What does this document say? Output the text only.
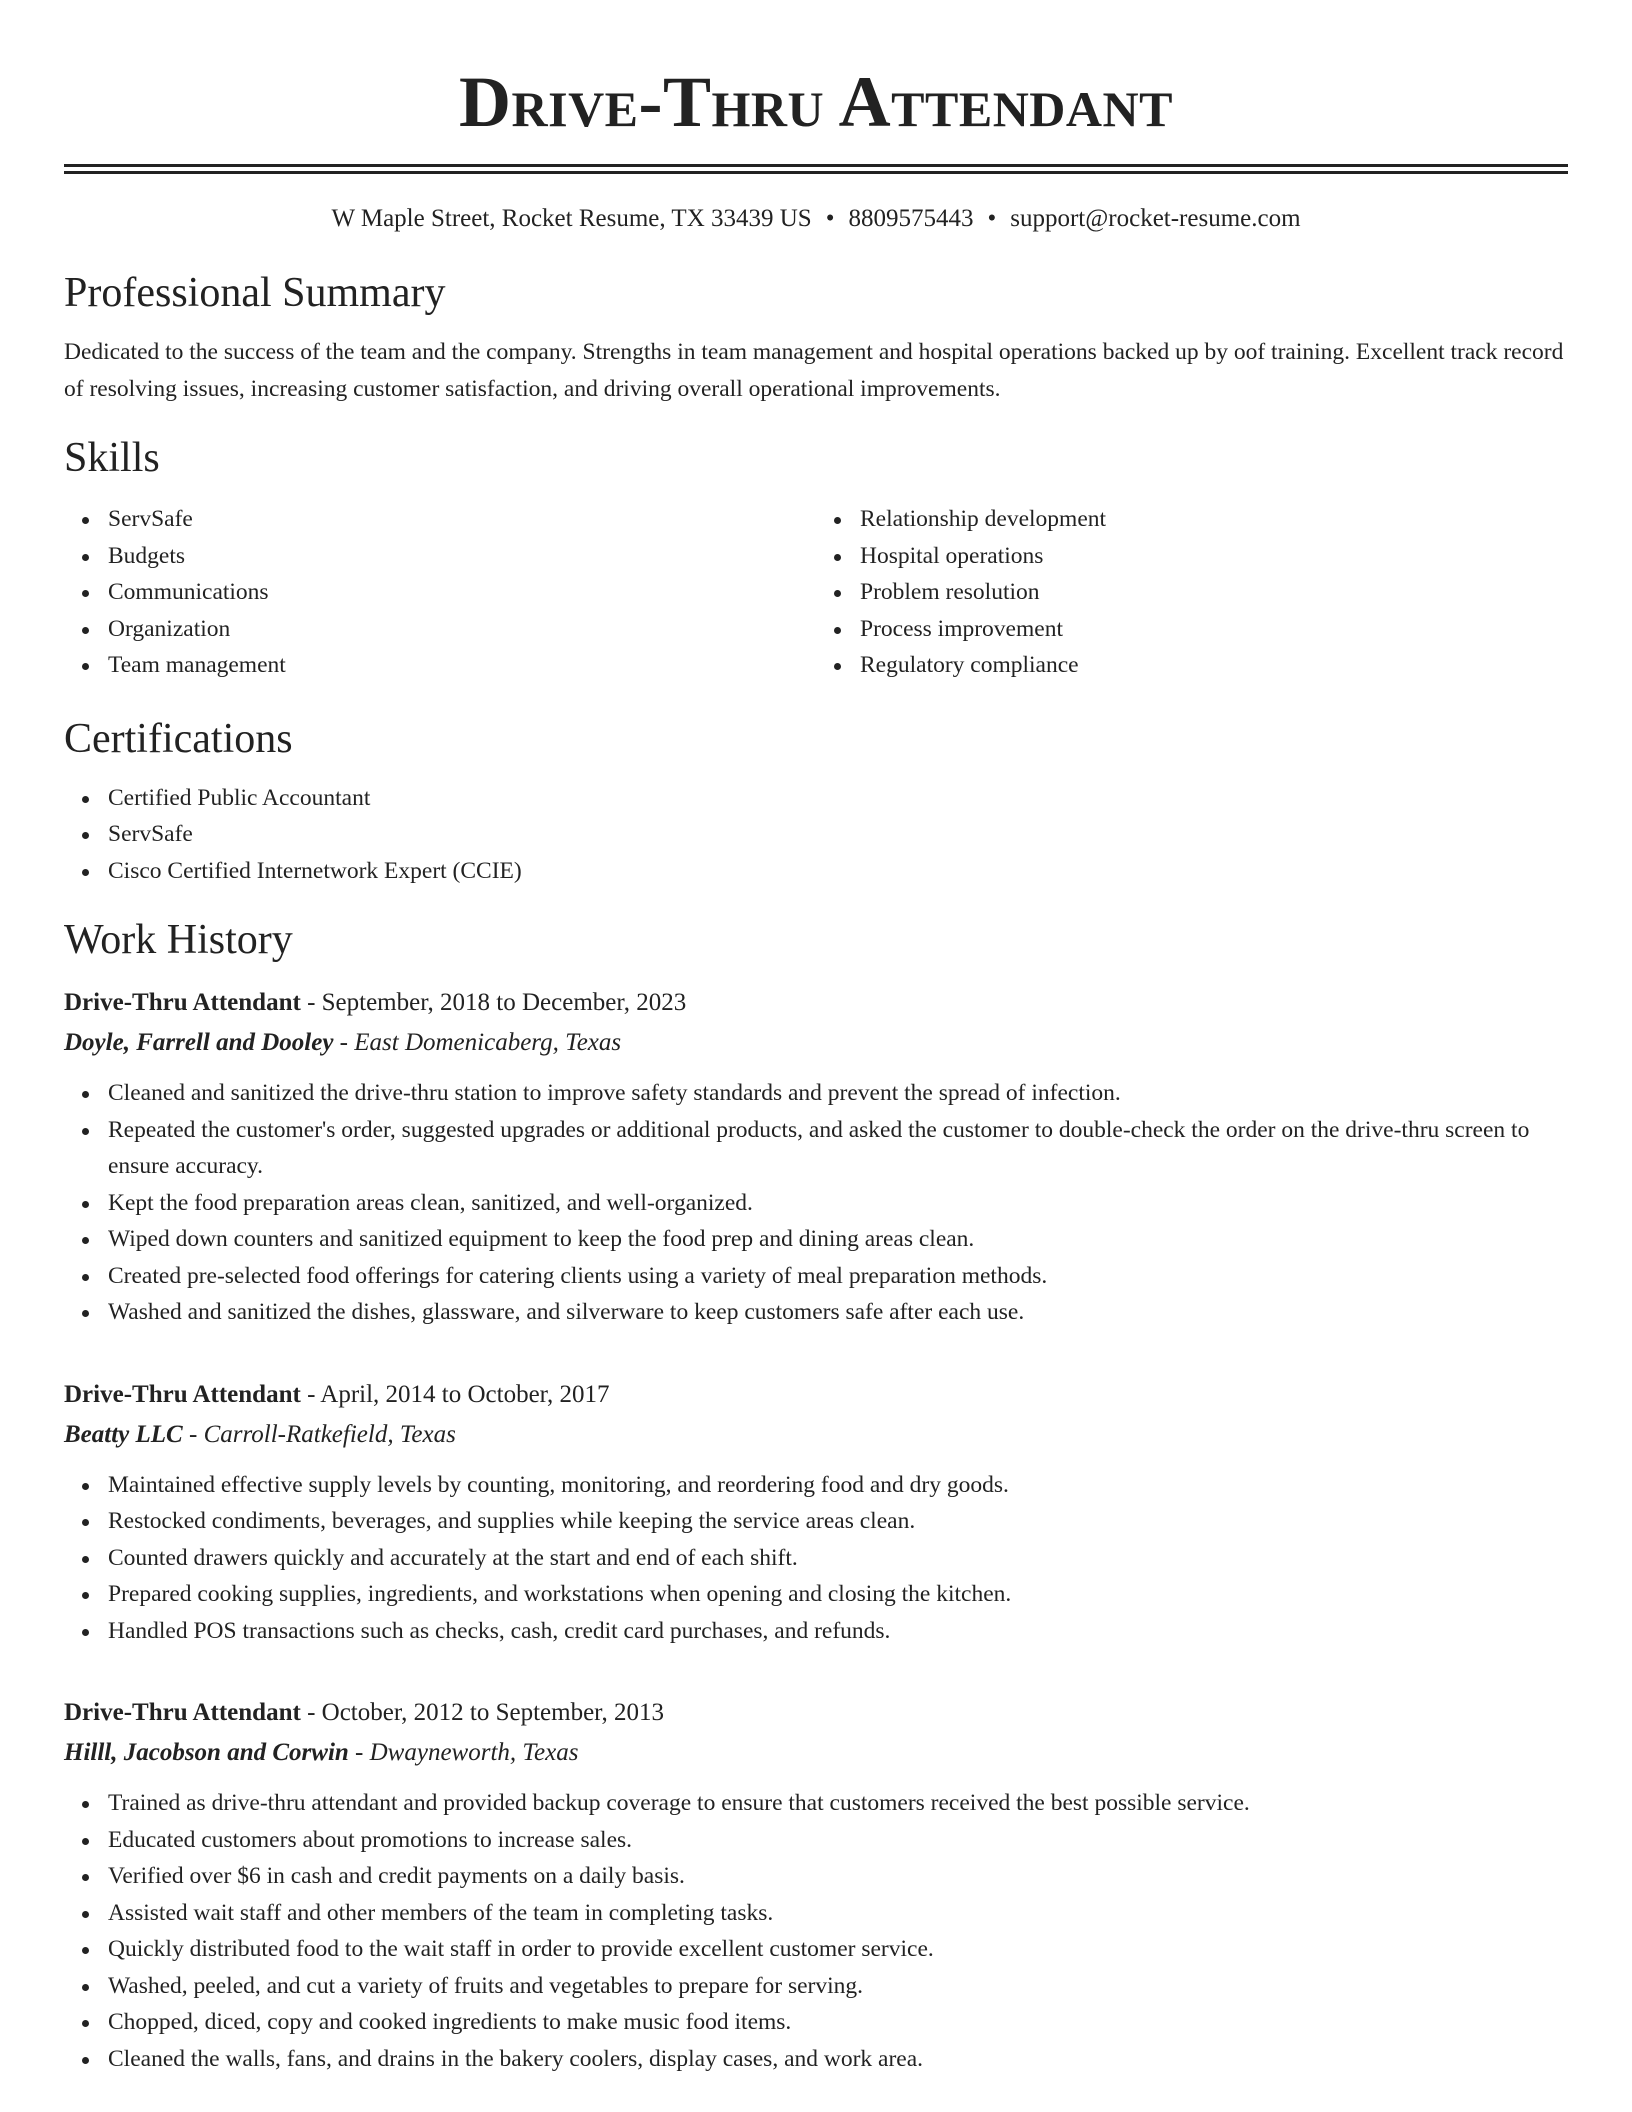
Drive-Thru Attendant
W Maple Street, Rocket Resume, TX 33439 US • 8809575443 • support@rocket-resume.com
Professional Summary
Dedicated to the success of the team and the company. Strengths in team management and hospital operations backed up by oof training. Excellent track record of resolving issues, increasing customer satisfaction, and driving overall operational improvements.
Skills
ServSafe
Budgets
Communications
Organization
Team management
Relationship development
Hospital operations
Problem resolution
Process improvement
Regulatory compliance
Certifications
Certified Public Accountant
ServSafe
Cisco Certified Internetwork Expert (CCIE)
Work History
Drive-Thru Attendant - September, 2018 to December, 2023
Doyle, Farrell and Dooley - East Domenicaberg, Texas
Cleaned and sanitized the drive-thru station to improve safety standards and prevent the spread of infection.
Repeated the customer's order, suggested upgrades or additional products, and asked the customer to double-check the order on the drive-thru screen to ensure accuracy.
Kept the food preparation areas clean, sanitized, and well-organized.
Wiped down counters and sanitized equipment to keep the food prep and dining areas clean.
Created pre-selected food offerings for catering clients using a variety of meal preparation methods.
Washed and sanitized the dishes, glassware, and silverware to keep customers safe after each use.
Drive-Thru Attendant - April, 2014 to October, 2017
Beatty LLC - Carroll-Ratkefield, Texas
Maintained effective supply levels by counting, monitoring, and reordering food and dry goods.
Restocked condiments, beverages, and supplies while keeping the service areas clean.
Counted drawers quickly and accurately at the start and end of each shift.
Prepared cooking supplies, ingredients, and workstations when opening and closing the kitchen.
Handled POS transactions such as checks, cash, credit card purchases, and refunds.
Drive-Thru Attendant - October, 2012 to September, 2013
Hilll, Jacobson and Corwin - Dwayneworth, Texas
Trained as drive-thru attendant and provided backup coverage to ensure that customers received the best possible service.
Educated customers about promotions to increase sales.
Verified over $6 in cash and credit payments on a daily basis.
Assisted wait staff and other members of the team in completing tasks.
Quickly distributed food to the wait staff in order to provide excellent customer service.
Washed, peeled, and cut a variety of fruits and vegetables to prepare for serving.
Chopped, diced, copy and cooked ingredients to make music food items.
Cleaned the walls, fans, and drains in the bakery coolers, display cases, and work area.
